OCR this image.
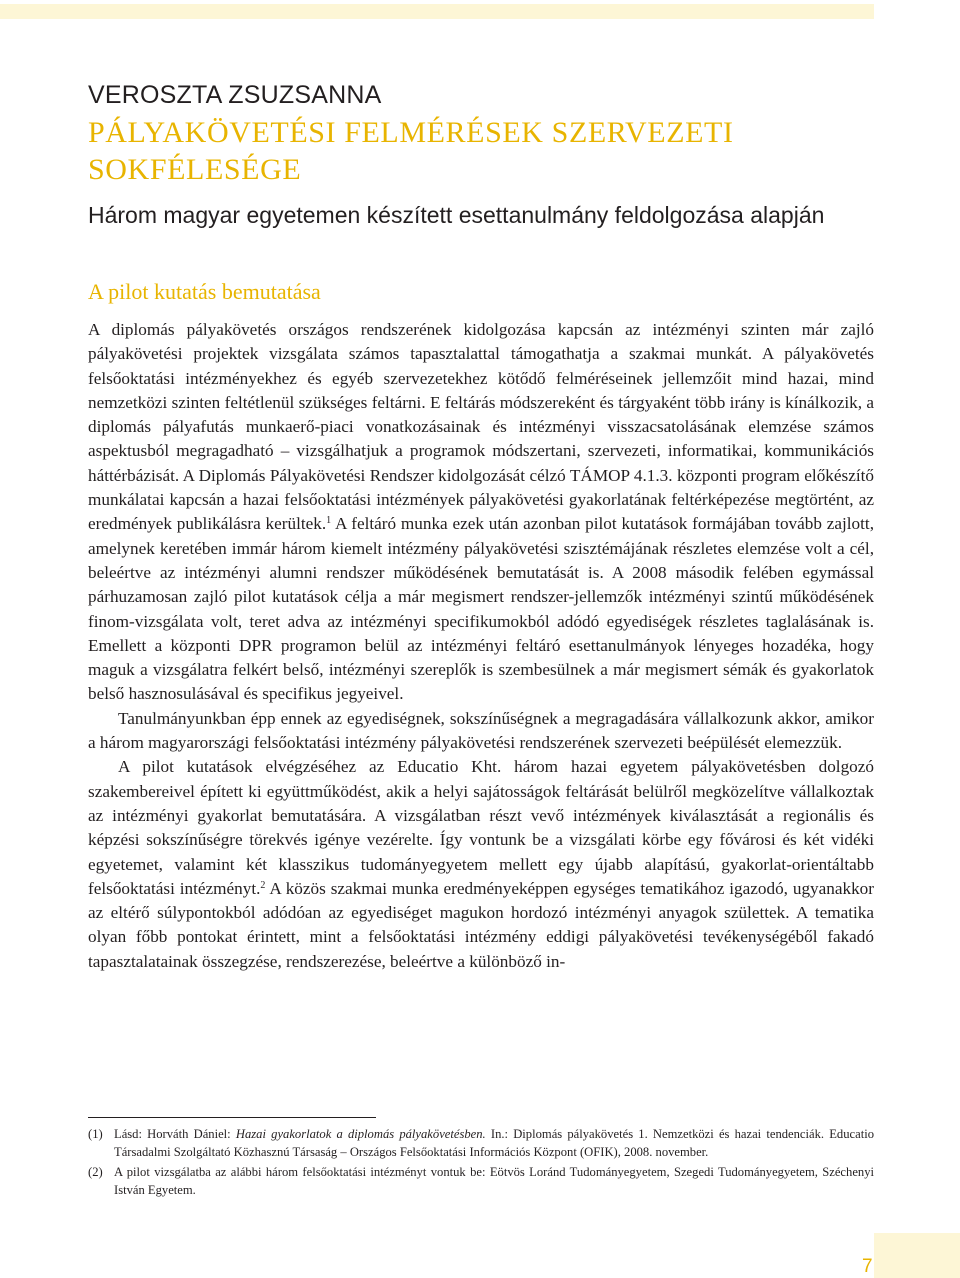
VEROSZTA ZSUZSANNA
PÁLYAKÖVETÉSI FELMÉRÉSEK SZERVEZETI
SOKFÉLESÉGE
Három magyar egyetemen készített esettanulmány feldolgozása alapján
A pilot kutatás bemutatása

A diplomás pályakövetés országos rendszerének kidolgozása kapcsán az intézményi szinten már zajló pályakövetési projektek vizsgálata számos tapasztalattal támogathatja a szakmai munkát. A pályakövetés felsőoktatási intézményekhez és egyéb szervezetekhez kötődő felméréseinek jellemzőit mind hazai, mind nemzetközi szinten feltétlenül szükséges feltárni. E feltárás módszereként és tárgyaként több irány is kínálkozik, a diplomás pályafutás munkaerő-piaci vonatkozásainak és intézményi visszacsatolásának elemzése számos aspektusból megragadható – vizsgálhatjuk a programok módszertani, szervezeti, informatikai, kommunikációs háttérbázisát. A Diplomás Pályakövetési Rendszer kidolgozását célzó TÁMOP 4.1.3. központi program előkészítő munkálatai kapcsán a hazai felsőoktatási intézmények pályakövetési gyakorlatának feltérképezése megtörtént, az eredmények publikálásra kerültek.$^1$ A feltáró munka ezek után azonban pilot kutatások formájában tovább zajlott, amelynek keretében immár három kiemelt intézmény pályakövetési szisztémájának részletes elemzése volt a cél, beleértve az intézményi alumni rendszer működésének bemutatását is. A 2008 második felében egymással párhuzamosan zajló pilot kutatások célja a már megismert rendszer-jellemzők intézményi szintű működésének finom-vizsgálata volt, teret adva az intézményi specifikumokból adódó egyediségek részletes taglalásának is. Emellett a központi DPR programon belül az intézményi feltáró esettanulmányok lényeges hozadéka, hogy maguk a vizsgálatra felkért belső, intézményi szereplők is szembesülnek a már megismert sémák és gyakorlatok belső hasznosulásával és specifikus jegyeivel.

Tanulmányunkban épp ennek az egyediségnek, sokszínűségnek a megragadására vállalkozunk akkor, amikor a három magyarországi felsőoktatási intézmény pályakövetési rendszerének szervezeti beépülését elemezzük.

A pilot kutatások elvégzéséhez az Educatio Kht. három hazai egyetem pályakövetésben dolgozó szakembereivel épített ki együttműködést, akik a helyi sajátosságok feltárását belülről megközelítve vállalkoztak az intézményi gyakorlat bemutatására. A vizsgálatban részt vevő intézmények kiválasztását a regionális és képzési sokszínűségre törekvés igénye vezérelte. Így vontunk be a vizsgálati körbe egy fővárosi és két vidéki egyetemet, valamint két klasszikus tudományegyetem mellett egy újabb alapítású, gyakorlat-orientáltabb felsőoktatási intézményt.$^2$ A közös szakmai munka eredményeképpen egységes tematikához igazodó, ugyanakkor az eltérő súlypontokból adódóan az egyediséget magukon hordozó intézményi anyagok születtek. A tematika olyan főbb pontokat érintett, mint a felsőoktatási intézmény eddigi pályakövetési tevékenységéből fakadó tapasztalatainak összegzése, rendszerezése, beleértve a különböző in-

(1) Lásd: Horváth Dániel: Hazai gyakorlatok a diplomás pályakövetésben. In.: Diplomás pályakövetés 1. Nemzetközi és hazai tendenciák. Educatio Társadalmi Szolgáltató Közhasznú Társaság – Országos Felsőoktatási Információs Központ (OFIK), 2008. november.
(2) A pilot vizsgálatba az alábbi három felsőoktatási intézményt vontuk be: Eötvös Loránd Tudományegyetem, Szegedi Tudományegyetem, Széchenyi István Egyetem.
7
